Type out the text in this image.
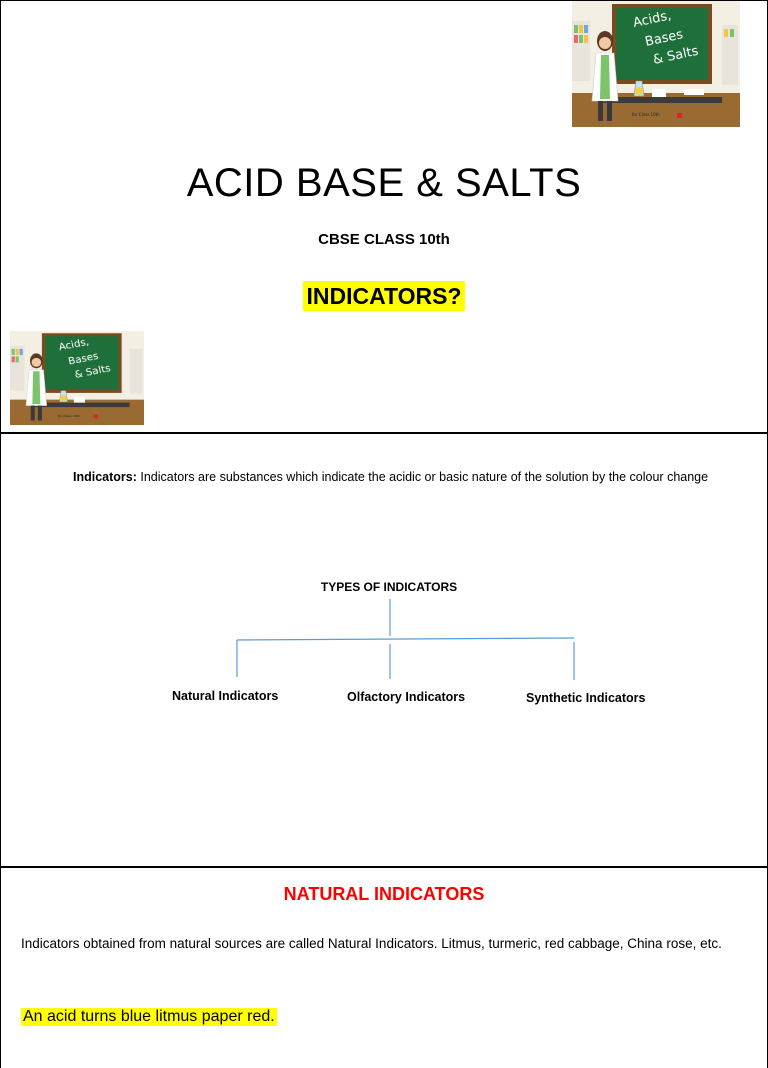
Acids,
Bases
& Salts
for Class 10th
ACID BASE & SALTS
CBSE CLASS 10th
INDICATORS?
Acids,
Bases
& Salts
for Class 10th
Indicators: Indicators are substances which indicate the acidic or basic nature of the solution by the colour change
TYPES OF INDICATORS
Natural Indicators	Olfactory Indicators	Synthetic Indicators
NATURAL INDICATORS
Indicators obtained from natural sources are called Natural Indicators. Litmus, turmeric, red cabbage, China rose, etc.
An acid turns blue litmus paper red.
